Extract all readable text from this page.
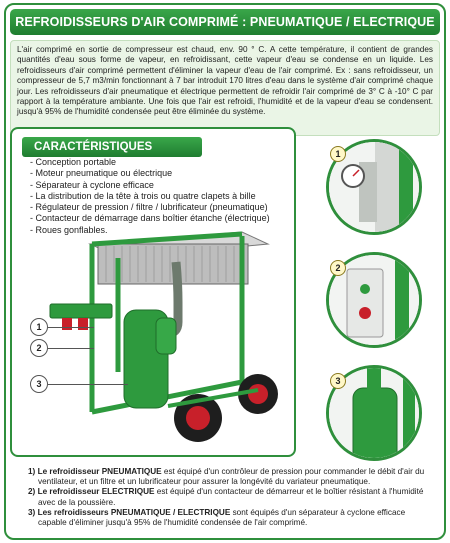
REFROIDISSEURS D'AIR COMPRIMÉ : PNEUMATIQUE / ELECTRIQUE
L'air comprimé en sortie de compresseur est chaud, env. 90 ° C. A cette température, il contient de grandes quantités d'eau sous forme de vapeur, en refroidissant, cette vapeur d'eau se condense en un liquide. Les refroidisseurs d'air comprimé permettent d'éliminer la vapeur d'eau de l'air comprimé. Ex : sans refroidisseur, un compresseur de 5,7 m3/min fonctionnant à 7 bar introduit 170 litres d'eau dans le système d'air comprimé chaque jour. Les refroidisseurs d'air pneumatique et électrique permettent de refroidir l'air comprimé de 3° C à -10° C par rapport à la température ambiante. Une fois que l'air est refroidi, l'humidité et de la vapeur d'eau se condensent. jusqu'à 95% de l'humidité condensée peut être éliminée du système.
CARACTÉRISTIQUES
- Conception portable
- Moteur pneumatique ou électrique
- Séparateur à cyclone efficace
- La distribution de la tête à trois ou quatre clapets à bille
- Régulateur de pression / filtre / lubrificateur (pneumatique)
- Contacteur de démarrage dans boîtier étanche (électrique)
- Roues gonflables.
1
2
3
1
2
3

1) Le refroidisseur PNEUMATIQUE est équipé d'un contrôleur de pression pour commander le débit d'air du ventilateur, et un filtre et un lubrificateur pour assurer la longévité du variateur pneumatique.

2) Le refroidisseur ELECTRIQUE est équipé d'un contacteur de démarreur et le boîtier résistant à l'humidité avec de la poussière.

3) Les refroidisseurs PNEUMATIQUE / ELECTRIQUE sont équipés d'un séparateur à cyclone efficace capable d'éliminer jusqu'à 95% de l'humidité condensée de l'air comprimé.
